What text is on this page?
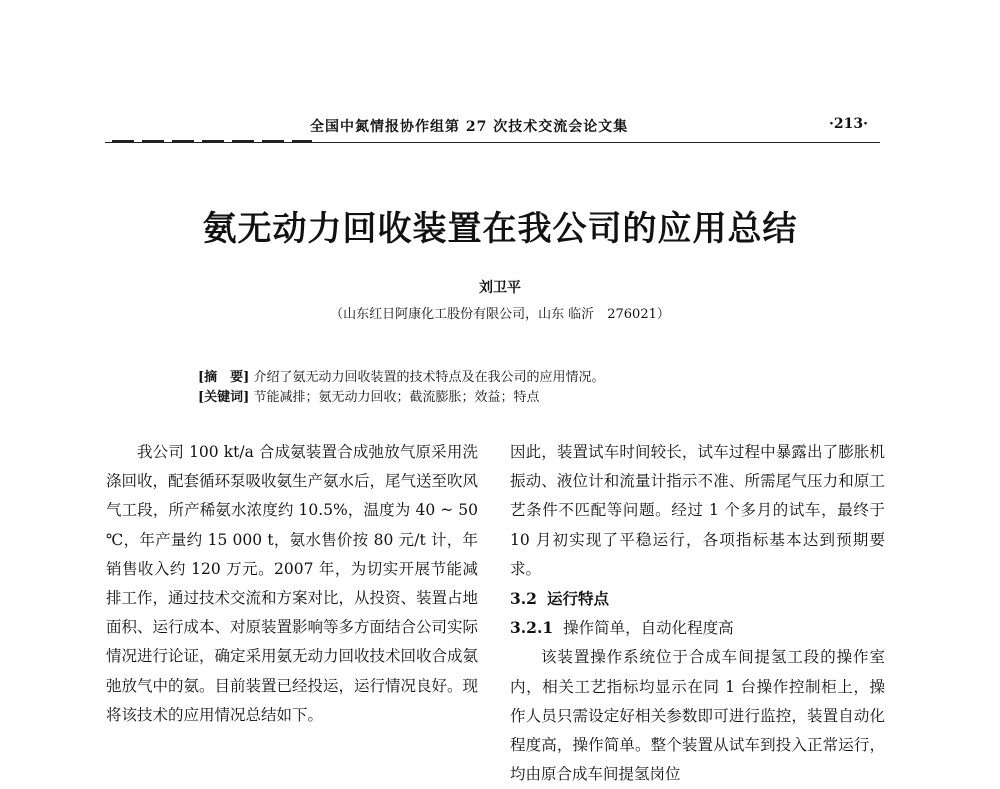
全国中氮情报协作组第 27 次技术交流会论文集	·213·
氨无动力回收装置在我公司的应用总结
刘卫平
（山东红日阿康化工股份有限公司，山东 临沂　276021）
[摘　要] 介绍了氨无动力回收装置的技术特点及在我公司的应用情况。
[关键词] 节能减排；氨无动力回收；截流膨胀；效益；特点

我公司 100 kt/a 合成氨装置合成弛放气原采用洗涤回收，配套循环泵吸收氨生产氨水后，尾气送至吹风气工段，所产稀氨水浓度约 10.5%，温度为 40 ~ 50 ℃，年产量约 15 000 t，氨水售价按 80 元/t 计，年销售收入约 120 万元。2007 年，为切实开展节能减排工作，通过技术交流和方案对比，从投资、装置占地面积、运行成本、对原装置影响等多方面结合公司实际情况进行论证，确定采用氨无动力回收技术回收合成氨弛放气中的氨。目前装置已经投运，运行情况良好。现将该技术的应用情况总结如下。

因此，装置试车时间较长，试车过程中暴露出了膨胀机振动、液位计和流量计指示不准、所需尾气压力和原工艺条件不匹配等问题。经过 1 个多月的试车，最终于 10 月初实现了平稳运行，各项指标基本达到预期要求。

3.2 运行特点

3.2.1 操作简单，自动化程度高

该装置操作系统位于合成车间提氢工段的操作室内，相关工艺指标均显示在同 1 台操作控制柜上，操作人员只需设定好相关参数即可进行监控，装置自动化程度高，操作简单。整个装置从试车到投入正常运行，均由原合成车间提氢岗位
